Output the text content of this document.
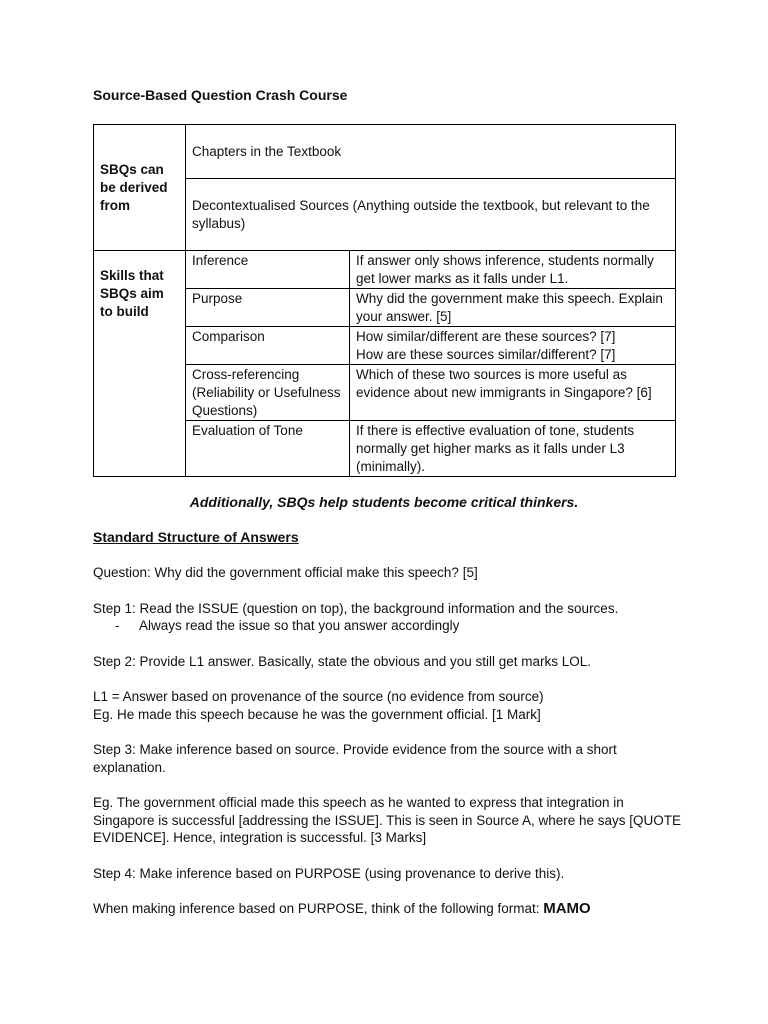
Source-Based Question Crash Course
SBQs can be derived from	Chapters in the Textbook	
	Decontextualised Sources (Anything outside the textbook, but relevant to the syllabus)	
Skills that SBQs aim to build	Inference	If answer only shows inference, students normally get lower marks as it falls under L1.
	Purpose	Why did the government make this speech. Explain your answer. [5]
	Comparison	How similar/different are these sources? [7]
How are these sources similar/different? [7]

	Cross-referencing (Reliability or Usefulness Questions)	Which of these two sources is more useful as evidence about new immigrants in Singapore? [6]
	Evaluation of Tone	If there is effective evaluation of tone, students normally get higher marks as it falls under L3 (minimally).
Additionally, SBQs help students become critical thinkers.
Standard Structure of Answers

Question: Why did the government official make this speech? [5]

Step 1: Read the ISSUE (question on top), the background information and the sources.

-	Always read the issue so that you answer accordingly

Step 2: Provide L1 answer. Basically, state the obvious and you still get marks LOL.

L1 = Answer based on provenance of the source (no evidence from source)

Eg. He made this speech because he was the government official. [1 Mark]

Step 3: Make inference based on source. Provide evidence from the source with a short explanation.

Eg. The government official made this speech as he wanted to express that integration in Singapore is successful [addressing the ISSUE]. This is seen in Source A, where he says [QUOTE EVIDENCE]. Hence, integration is successful. [3 Marks]

Step 4: Make inference based on PURPOSE (using provenance to derive this).

When making inference based on PURPOSE, think of the following format: MAMO
